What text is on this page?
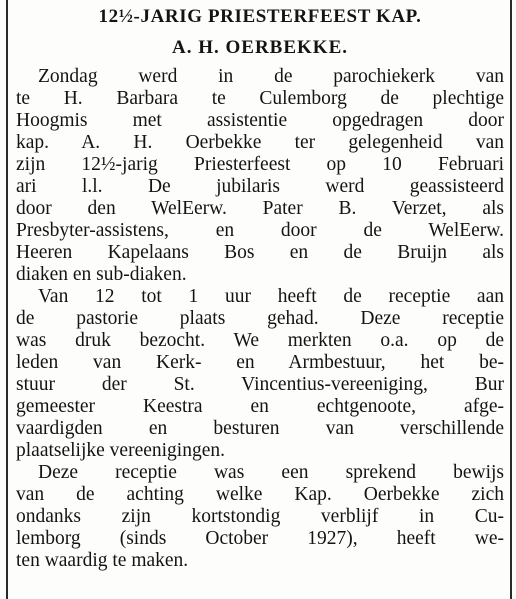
12½-JARIG PRIESTERFEEST KAP.
A. H. OERBEKKE.
Zondag werd in de parochiekerk van
te H. Barbara te Culemborg de plechtige
Hoogmis met assistentie opgedragen door
kap. A. H. Oerbekke ter gelegenheid van
zijn 12½-jarig Priesterfeest op 10 Februari
ari l.l. De jubilaris werd geassisteerd
door den WelEerw. Pater B. Verzet, als
Presbyter-assistens, en door de WelEerw.
Heeren Kapelaans Bos en de Bruijn als
diaken en sub-diaken.
Van 12 tot 1 uur heeft de receptie aan
de pastorie plaats gehad. Deze receptie
was druk bezocht. We merkten o.a. op de
leden van Kerk- en Armbestuur, het be-
stuur der St. Vincentius-vereeniging, Bur
gemeester Keestra en echtgenoote, afge-
vaardigden en besturen van verschillende
plaatselijke vereenigingen.
Deze receptie was een sprekend bewijs
van de achting welke Kap. Oerbekke zich
ondanks zijn kortstondig verblijf in Cu-
lemborg (sinds October 1927), heeft we-
ten waardig te maken.
